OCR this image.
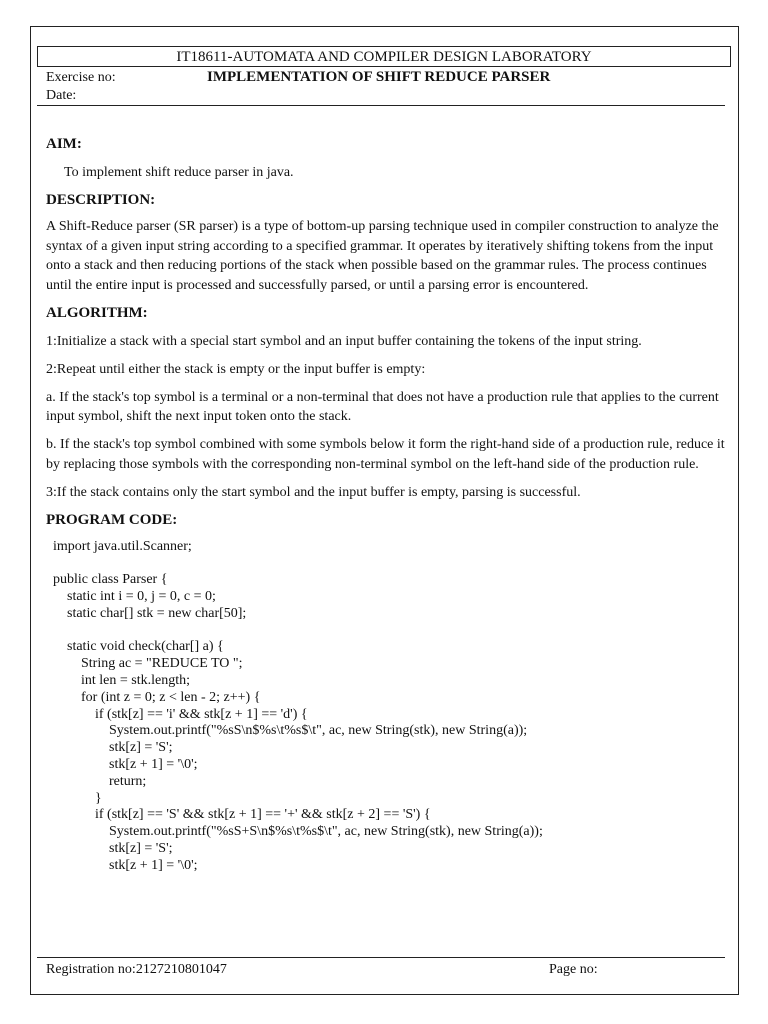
IT18611-AUTOMATA AND COMPILER DESIGN LABORATORY
Exercise no:	IMPLEMENTATION OF SHIFT REDUCE PARSER
Date:

AIM:

To implement shift reduce parser in java.

DESCRIPTION:

A Shift-Reduce parser (SR parser) is a type of bottom-up parsing technique used in compiler construction to analyze the syntax of a given input string according to a specified grammar. It operates by iteratively shifting tokens from the input onto a stack and then reducing portions of the stack when possible based on the grammar rules. The process continues until the entire input is processed and successfully parsed, or until a parsing error is encountered.

ALGORITHM:

1:Initialize a stack with a special start symbol and an input buffer containing the tokens of the input string.

2:Repeat until either the stack is empty or the input buffer is empty:

a. If the stack's top symbol is a terminal or a non-terminal that does not have a production rule that applies to the current input symbol, shift the next input token onto the stack.

b. If the stack's top symbol combined with some symbols below it form the right-hand side of a production rule, reduce it by replacing those symbols with the corresponding non-terminal symbol on the left-hand side of the production rule.

3:If the stack contains only the start symbol and the input buffer is empty, parsing is successful.

PROGRAM CODE:

import java.util.Scanner;
public class Parser {
static int i = 0, j = 0, c = 0;
static char[] stk = new char[50];
static void check(char[] a) {
String ac = "REDUCE TO ";
int len = stk.length;
for (int z = 0; z < len - 2; z++) {
if (stk[z] == 'i' && stk[z + 1] == 'd') {
System.out.printf("%sS\n$%s\t%s$\t", ac, new String(stk), new String(a));
stk[z] = 'S';
stk[z + 1] = '\0';
return;
}
if (stk[z] == 'S' && stk[z + 1] == '+' && stk[z + 2] == 'S') {
System.out.printf("%sS+S\n$%s\t%s$\t", ac, new String(stk), new String(a));
stk[z] = 'S';
stk[z + 1] = '\0';
Registration no:2127210801047	Page no:
